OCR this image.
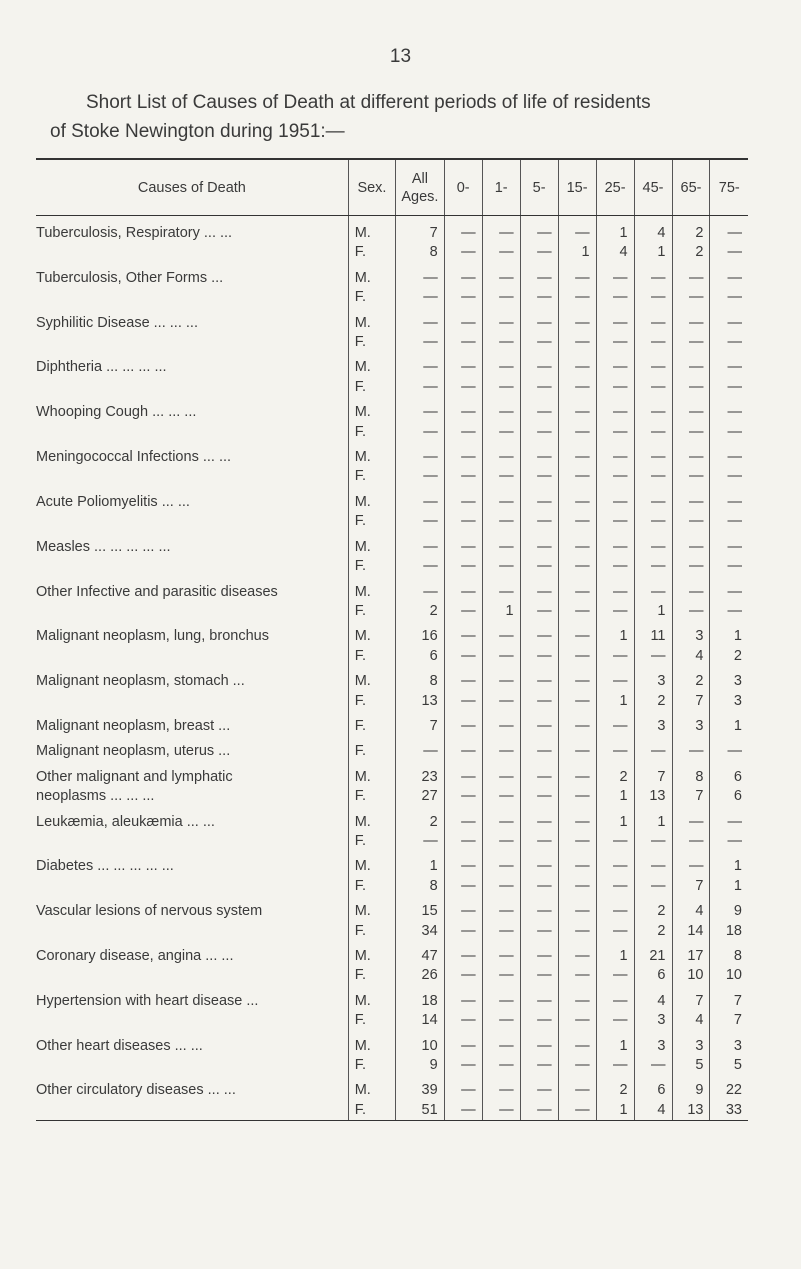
13
Short List of Causes of Death at different periods of life of residents
of Stoke Newington during 1951:—
Causes of Death	Sex.	All Ages.	0-	1-	5-	15-	25-	45-	65-	75-
Tuberculosis, Respiratory ... ...	M.	7	—	—	—	—	1	4	2	—
	F.	8	—	—	—	1	4	1	2	—

Tuberculosis, Other Forms ...	M.	—	—	—	—	—	—	—	—	—
	F.	—	—	—	—	—	—	—	—	—

Syphilitic Disease ... ... ...	M.	—	—	—	—	—	—	—	—	—
	F.	—	—	—	—	—	—	—	—	—

Diphtheria ... ... ... ...	M.	—	—	—	—	—	—	—	—	—
	F.	—	—	—	—	—	—	—	—	—

Whooping Cough ... ... ...	M.	—	—	—	—	—	—	—	—	—
	F.	—	—	—	—	—	—	—	—	—

Meningococcal Infections ... ...	M.	—	—	—	—	—	—	—	—	—
	F.	—	—	—	—	—	—	—	—	—

Acute Poliomyelitis ... ...	M.	—	—	—	—	—	—	—	—	—
	F.	—	—	—	—	—	—	—	—	—

Measles ... ... ... ... ...	M.	—	—	—	—	—	—	—	—	—
	F.	—	—	—	—	—	—	—	—	—

Other Infective and parasitic diseases	M.	—	—	—	—	—	—	—	—	—
	F.	2	—	1	—	—	—	1	—	—

Malignant neoplasm, lung, bronchus	M.	16	—	—	—	—	1	11	3	1
	F.	6	—	—	—	—	—	—	4	2

Malignant neoplasm, stomach ...	M.	8	—	—	—	—	—	3	2	3
	F.	13	—	—	—	—	1	2	7	3

Malignant neoplasm, breast ...	F.	7	—	—	—	—	—	3	3	1

Malignant neoplasm, uterus ...	F.	—	—	—	—	—	—	—	—	—

Other malignant and lymphatic	M.	23	—	—	—	—	2	7	8	6
neoplasms ... ... ...	F.	27	—	—	—	—	1	13	7	6

Leukæmia, aleukæmia ... ...	M.	2	—	—	—	—	1	1	—	—
	F.	—	—	—	—	—	—	—	—	—

Diabetes ... ... ... ... ...	M.	1	—	—	—	—	—	—	—	1
	F.	8	—	—	—	—	—	—	7	1

Vascular lesions of nervous system	M.	15	—	—	—	—	—	2	4	9
	F.	34	—	—	—	—	—	2	14	18

Coronary disease, angina ... ...	M.	47	—	—	—	—	1	21	17	8
	F.	26	—	—	—	—	—	6	10	10

Hypertension with heart disease ...	M.	18	—	—	—	—	—	4	7	7
	F.	14	—	—	—	—	—	3	4	7

Other heart diseases ... ...	M.	10	—	—	—	—	1	3	3	3
	F.	9	—	—	—	—	—	—	5	5

Other circulatory diseases ... ...	M.	39	—	—	—	—	2	6	9	22
	F.	51	—	—	—	—	1	4	13	33
